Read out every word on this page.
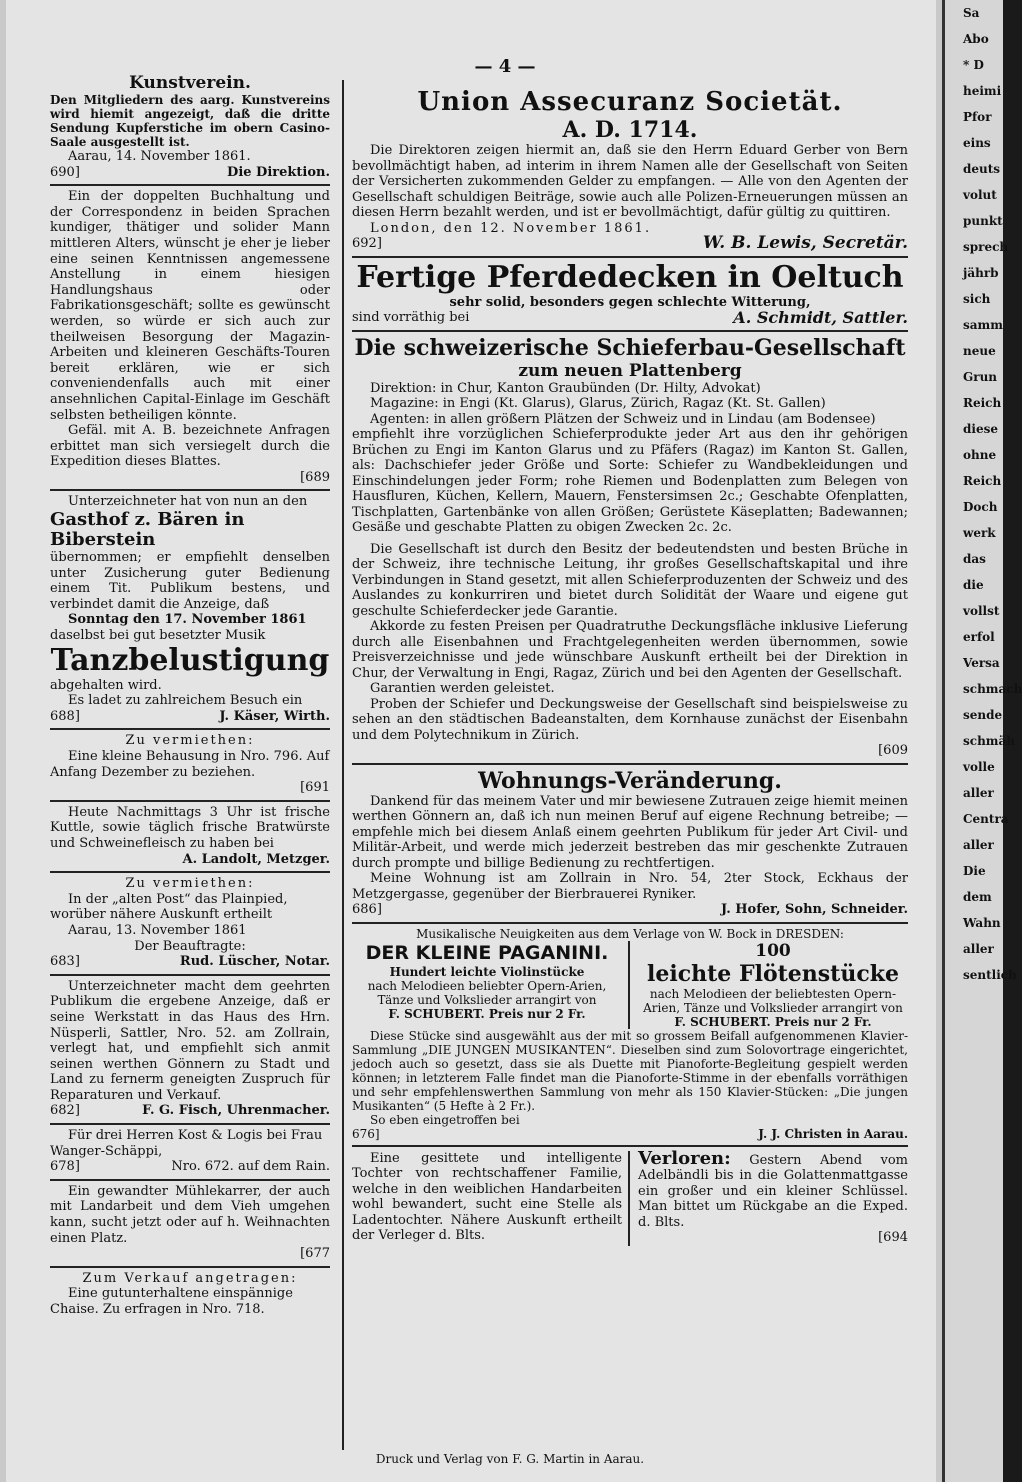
Sa
Abo
* D
heimi
Pfor
eins
deuts
volut
punkt
sprech
jährb
sich
samm
neue
Grun
Reich
diese
ohne
Reich
Doch
werk
das
die
vollst
erfol
Versa
schmach
sende
schmäh
volle
aller
Centra
aller
Die
dem
Wahn
aller
sentlich
— 4 —
Kunstverein.
Den Mitgliedern des aarg. Kunstvereins wird hiemit angezeigt, daß die dritte Sendung Kupferstiche im obern Casino-Saale ausgestellt ist.
Aarau, 14. November 1861.
690]	Die Direktion.
Ein der doppelten Buchhaltung und der Correspondenz in beiden Sprachen kundiger, thätiger und solider Mann mittleren Alters, wünscht je eher je lieber eine seinen Kenntnissen angemessene Anstellung in einem hiesigen Handlungshaus oder Fabrikationsgeschäft; sollte es gewünscht werden, so würde er sich auch zur theilweisen Besorgung der Magazin-Arbeiten und kleineren Geschäfts-Touren bereit erklären, wie er sich conveniendenfalls auch mit einer ansehnlichen Capital-Einlage im Geschäft selbsten betheiligen könnte.
Gefäl. mit A. B. bezeichnete Anfragen erbittet man sich versiegelt durch die Expedition dieses Blattes.
[689
Unterzeichneter hat von nun an den
Gasthof z. Bären in Biberstein
übernommen; er empfiehlt denselben unter Zusicherung guter Bedienung einem Tit. Publikum bestens, und verbindet damit die Anzeige, daß
Sonntag den 17. November 1861
daselbst bei gut besetzter Musik
Tanzbelustigung
abgehalten wird.
Es ladet zu zahlreichem Besuch ein
688]	J. Käser, Wirth.
Zu vermiethen:
Eine kleine Behausung in Nro. 796. Auf Anfang Dezember zu beziehen.
[691
Heute Nachmittags 3 Uhr ist frische Kuttle, sowie täglich frische Bratwürste und Schweinefleisch zu haben bei
A. Landolt, Metzger.
Zu vermiethen:
In der „alten Post“ das Plainpied, worüber nähere Auskunft ertheilt
Aarau, 13. November 1861
Der Beauftragte:
683]	Rud. Lüscher, Notar.
Unterzeichneter macht dem geehrten Publikum die ergebene Anzeige, daß er seine Werkstatt in das Haus des Hrn. Nüsperli, Sattler, Nro. 52. am Zollrain, verlegt hat, und empfiehlt sich anmit seinen werthen Gönnern zu Stadt und Land zu fernerm geneigten Zuspruch für Reparaturen und Verkauf.
682]	F. G. Fisch, Uhrenmacher.
Für drei Herren Kost & Logis bei Frau Wanger-Schäppi,
678]	Nro. 672. auf dem Rain.
Ein gewandter Mühlekarrer, der auch mit Landarbeit und dem Vieh umgehen kann, sucht jetzt oder auf h. Weihnachten einen Platz.
[677
Zum Verkauf angetragen:
Eine gutunterhaltene einspännige Chaise. Zu erfragen in Nro. 718.
Union Assecuranz Societät.
A. D. 1714.
Die Direktoren zeigen hiermit an, daß sie den Herrn Eduard Gerber von Bern bevollmächtigt haben, ad interim in ihrem Namen alle der Gesellschaft von Seiten der Versicherten zukommenden Gelder zu empfangen. — Alle von den Agenten der Gesellschaft schuldigen Beiträge, sowie auch alle Polizen-Erneuerungen müssen an diesen Herrn bezahlt werden, und ist er bevollmächtigt, dafür gültig zu quittiren.
London, den 12. November 1861.
692]	W. B. Lewis, Secretär.
Fertige Pferdedecken in Oeltuch
sehr solid, besonders gegen schlechte Witterung,
sind vorräthig bei	A. Schmidt, Sattler.
Die schweizerische Schieferbau-Gesellschaft
zum neuen Plattenberg
Direktion: in Chur, Kanton Graubünden (Dr. Hilty, Advokat)
Magazine: in Engi (Kt. Glarus), Glarus, Zürich, Ragaz (Kt. St. Gallen)
Agenten: in allen größern Plätzen der Schweiz und in Lindau (am Bodensee)
empfiehlt ihre vorzüglichen Schieferprodukte jeder Art aus den ihr gehörigen Brüchen zu Engi im Kanton Glarus und zu Pfäfers (Ragaz) im Kanton St. Gallen, als: Dachschiefer jeder Größe und Sorte: Schiefer zu Wandbekleidungen und Einschindelungen jeder Form; rohe Riemen und Bodenplatten zum Belegen von Hausfluren, Küchen, Kellern, Mauern, Fenstersimsen 2c.; Geschabte Ofenplatten, Tischplatten, Gartenbänke von allen Größen; Gerüstete Käseplatten; Badewannen; Gesäße und geschabte Platten zu obigen Zwecken 2c. 2c.
Die Gesellschaft ist durch den Besitz der bedeutendsten und besten Brüche in der Schweiz, ihre technische Leitung, ihr großes Gesellschaftskapital und ihre Verbindungen in Stand gesetzt, mit allen Schieferproduzenten der Schweiz und des Auslandes zu konkurriren und bietet durch Solidität der Waare und eigene gut geschulte Schieferdecker jede Garantie.
Akkorde zu festen Preisen per Quadratruthe Deckungsfläche inklusive Lieferung durch alle Eisenbahnen und Frachtgelegenheiten werden übernommen, sowie Preisverzeichnisse und jede wünschbare Auskunft ertheilt bei der Direktion in Chur, der Verwaltung in Engi, Ragaz, Zürich und bei den Agenten der Gesellschaft.
Garantien werden geleistet.
Proben der Schiefer und Deckungsweise der Gesellschaft sind beispielsweise zu sehen an den städtischen Badeanstalten, dem Kornhause zunächst der Eisenbahn und dem Polytechnikum in Zürich.
[609
Wohnungs-Veränderung.
Dankend für das meinem Vater und mir bewiesene Zutrauen zeige hiemit meinen werthen Gönnern an, daß ich nun meinen Beruf auf eigene Rechnung betreibe; — empfehle mich bei diesem Anlaß einem geehrten Publikum für jeder Art Civil- und Militär-Arbeit, und werde mich jederzeit bestreben das mir geschenkte Zutrauen durch prompte und billige Bedienung zu rechtfertigen.
Meine Wohnung ist am Zollrain in Nro. 54, 2ter Stock, Eckhaus der Metzgergasse, gegenüber der Bierbrauerei Ryniker.
686]	J. Hofer, Sohn, Schneider.
Musikalische Neuigkeiten aus dem Verlage von W. Bock in DRESDEN:
DER KLEINE PAGANINI.
Hundert leichte Violinstücke
nach Melodieen beliebter Opern-Arien, Tänze und Volkslieder arrangirt von
F. SCHUBERT. Preis nur 2 Fr.
100
leichte Flötenstücke
nach Melodieen der beliebtesten Opern-Arien, Tänze und Volkslieder arrangirt von
F. SCHUBERT. Preis nur 2 Fr.
Diese Stücke sind ausgewählt aus der mit so grossem Beifall aufgenommenen Klavier-Sammlung „DIE JUNGEN MUSIKANTEN“. Dieselben sind zum Solovortrage eingerichtet, jedoch auch so gesetzt, dass sie als Duette mit Pianoforte-Begleitung gespielt werden können; in letzterem Falle findet man die Pianoforte-Stimme in der ebenfalls vorräthigen und sehr empfehlenswerthen Sammlung von mehr als 150 Klavier-Stücken: „Die jungen Musikanten“ (5 Hefte à 2 Fr.).
So eben eingetroffen bei
676]	J. J. Christen in Aarau.
Eine gesittete und intelligente Tochter von rechtschaffener Familie, welche in den weiblichen Handarbeiten wohl bewandert, sucht eine Stelle als Ladentochter. Nähere Auskunft ertheilt der Verleger d. Blts.
Verloren: Gestern Abend vom Adelbändli bis in die Golattenmattgasse ein großer und ein kleiner Schlüssel. Man bittet um Rückgabe an die Exped. d. Blts.
[694
Druck und Verlag von F. G. Martin in Aarau.
